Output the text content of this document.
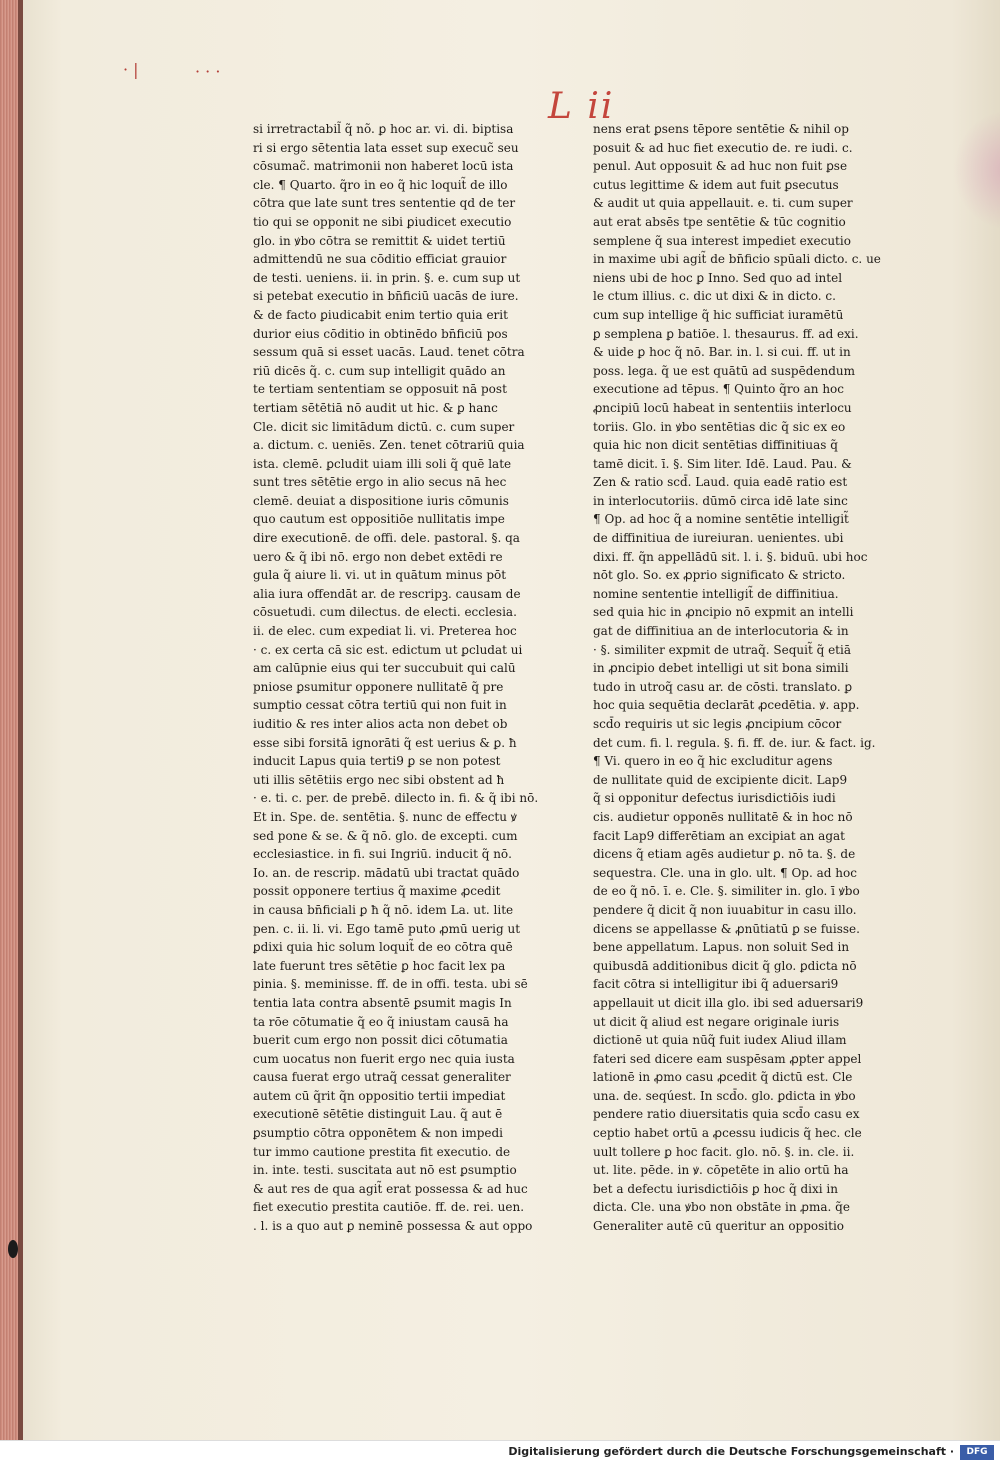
· |	· · ·
L ii
si irretractabil̃ q̃ nõ. ꝑ hoc ar. vi. di. biptisa
ri si ergo sētentia lata esset sup execuc̃ seu
cōsumac̃. matrimonii non haberet locū ista
cle. ¶ Quarto. q̃ro in eo q̃ hic loquit̃ de illo
cōtra que late sunt tres sententie qd de ter
tio qui se opponit ne sibi ꝑiudicet executio
glo. in ꝟbo cōtra se remittit & uidet tertiū
admittendū ne sua cōditio efficiat grauior
de testi. ueniens. ii. in prin. §. e. cum sup ut
si petebat executio in bn̄ficiū uacās de iure.
& de facto ꝑiudicabit enim tertio quia erit
durior eius cōditio in obtinēdo bn̄ficiū pos
sessum quā si esset uacās. Laud. tenet cōtra
riū dicēs q̃. c. cum sup intelligit quādo an
te tertiam sententiam se opposuit nā post
tertiam sētētiā nō audit ut hic. & ꝑ hanc
Cle. dicit sic limitādum dictū. c. cum super
a. dictum. c. ueniēs. Zen. tenet cōtrariū quia
ista. clemē. ꝑcludit uiam illi soli q̃ quē late
sunt tres sētētie ergo in alio secus nā hec
clemē. deuiat a dispositione iuris cōmunis
quo cautum est oppositiōe nullitatis impe
dire executionē. de offi. dele. pastoral. §. qa
uero & q̃ ibi nō. ergo non debet extēdi re
gula q̃ aiure li. vi. ut in quātum minus pōt
alia iura offendāt ar. de rescripꝫ. causam de
cōsuetudi. cum dilectus. de electi. ecclesia.
ii. de elec. cum expediat li. vi. Preterea hoc
· c. ex certa cā sic est. edictum ut ꝑcludat ui
am calūpnie eius qui ter succubuit qui calū
pniose ꝑsumitur opponere nullitatē q̃ pre
sumptio cessat cōtra tertiū qui non fuit in
iuditio & res inter alios acta non debet ob
esse sibi forsitā ignorāti q̃ est uerius & ꝑ. ħ
inducit Lapus quia terti9 ꝑ se non potest
uti illis sētētiis ergo nec sibi obstent ad ħ
· e. ti. c. per. de prebē. dilecto in. fi. & q̃ ibi nō.
Et in. Spe. de. sentētia. §. nunc de effectu ꝟ
sed pone & se. & q̃ nō. glo. de excepti. cum
ecclesiastice. in fi. sui Ingriū. inducit q̃ nō.
Io. an. de rescrip. mādatū ubi tractat quādo
possit opponere tertius q̃ maxime ꝓcedit
in causa bn̄ficiali ꝑ ħ q̃ nō. idem La. ut. lite
pen. c. ii. li. vi. Ego tamē puto ꝓmū uerig ut
ꝑdixi quia hic solum loquit̃ de eo cōtra quē
late fuerunt tres sētētie ꝑ hoc facit lex pa
pinia. §. meminisse. ff. de in offi. testa. ubi sē
tentia lata contra absentē ꝑsumit magis In
ta rōe cōtumatie q̃ eo q̃ iniustam causā ha
buerit cum ergo non possit dici cōtumatia
cum uocatus non fuerit ergo nec quia iusta
causa fuerat ergo utraq̃ cessat generaliter
autem cū q̃rit q̃n oppositio tertii impediat
executionē sētētie distinguit Lau. q̃ aut ē
ꝑsumptio cōtra opponētem & non impedi
tur immo cautione prestita fit executio. de
in. inte. testi. suscitata aut nō est ꝑsumptio
& aut res de qua agit̃ erat possessa & ad huc
fiet executio prestita cautiōe. ff. de. rei. uen.
. l. is a quo aut ꝑ neminē possessa & aut oppo
nens erat ꝑsens tēpore sentētie & nihil op
posuit & ad huc fiet executio de. re iudi. c.
penul. Aut opposuit & ad huc non fuit ꝑse
cutus legittime & idem aut fuit ꝑsecutus
& audit ut quia appellauit. e. ti. cum super
aut erat absēs tpe sentētie & tūc cognitio
semplene q̃ sua interest impediet executio
in maxime ubi agit̃ de bn̄ficio spūali dicto. c. ue
niens ubi de hoc ꝑ Inno. Sed quo ad intel
le ctum illius. c. dic ut dixi & in dicto. c.
cum sup intellige q̃ hic sufficiat iuramētū
ꝑ semplena ꝑ batiōe. l. thesaurus. ff. ad exi.
& uide ꝑ hoc q̃ nō. Bar. in. l. si cui. ff. ut in
poss. lega. q̃ ue est quātū ad suspēdendum
executione ad tēpus. ¶ Quinto q̃ro an hoc
ꝓncipiū locū habeat in sententiis interlocu
toriis. Glo. in ꝟbo sentētias dic q̃ sic ex eo
quia hic non dicit sentētias diffinitiuas q̃
tamē dicit. ī. §. Sim liter. Idē. Laud. Pau. &
Zen & ratio scd̄. Laud. quia eadē ratio est
in interlocutoriis. dūmō circa idē late sinc
¶ Op. ad hoc q̃ a nomine sentētie intelligit̃
de diffinitiua de iureiuran. uenientes. ubi
dixi. ff. q̃n appellādū sit. l. i. §. biduū. ubi hoc
nōt glo. So. ex ꝓprio significato & stricto.
nomine sententie intelligit̃ de diffinitiua.
sed quia hic in ꝓncipio nō expmit an intelli
gat de diffinitiua an de interlocutoria & in
· §. similiter expmit de utraq̃. Sequit̃ q̃ etiā
in ꝓncipio debet intelligi ut sit bona simili
tudo in utroq̃ casu ar. de cōsti. translato. ꝑ
hoc quia sequētia declarāt ꝓcedētia. ꝟ. app.
scd̄o requiris ut sic legis ꝓncipium cōcor
det cum. fi. l. regula. §. fi. ff. de. iur. & fact. ig.
¶ Vi. quero in eo q̃ hic excluditur agens
de nullitate quid de excipiente dicit. Lap9
q̃ si opponitur defectus iurisdictiōis iudi
cis. audietur opponēs nullitatē & in hoc nō
facit Lap9 differētiam an excipiat an agat
dicens q̃ etiam agēs audietur ꝑ. nō ta. §. de
sequestra. Cle. una in glo. ult. ¶ Op. ad hoc
de eo q̃ nō. ī. e. Cle. §. similiter in. glo. ī ꝟbo
pendere q̃ dicit q̃ non iuuabitur in casu illo.
dicens se appellasse & ꝓnūtiatū ꝑ se fuisse.
bene appellatum. Lapus. non soluit Sed in
quibusdā additionibus dicit q̃ glo. ꝑdicta nō
facit cōtra si intelligitur ibi q̃ aduersari9
appellauit ut dicit illa glo. ibi sed aduersari9
ut dicit q̃ aliud est negare originale iuris
dictionē ut quia nūq̃ fuit iudex Aliud illam
fateri sed dicere eam suspēsam ꝓpter appel
lationē in ꝓmo casu ꝓcedit q̃ dictū est. Cle
una. de. seqúest. In scd̄o. glo. ꝑdicta in ꝟbo
pendere ratio diuersitatis quia scd̄o casu ex
ceptio habet ortū a ꝓcessu iudicis q̃ hec. cle
uult tollere ꝑ hoc facit. glo. nō. §. in. cle. ii.
ut. lite. pēde. in ꝟ. cōpetēte in alio ortū ha
bet a defectu iurisdictiōis ꝑ hoc q̃ dixi in
dicta. Cle. una ꝟbo non obstāte in ꝓma. q̃e
Generaliter autē cū queritur an oppositio
Digitalisierung gefördert durch die Deutsche Forschungsgemeinschaft ·	DFG
